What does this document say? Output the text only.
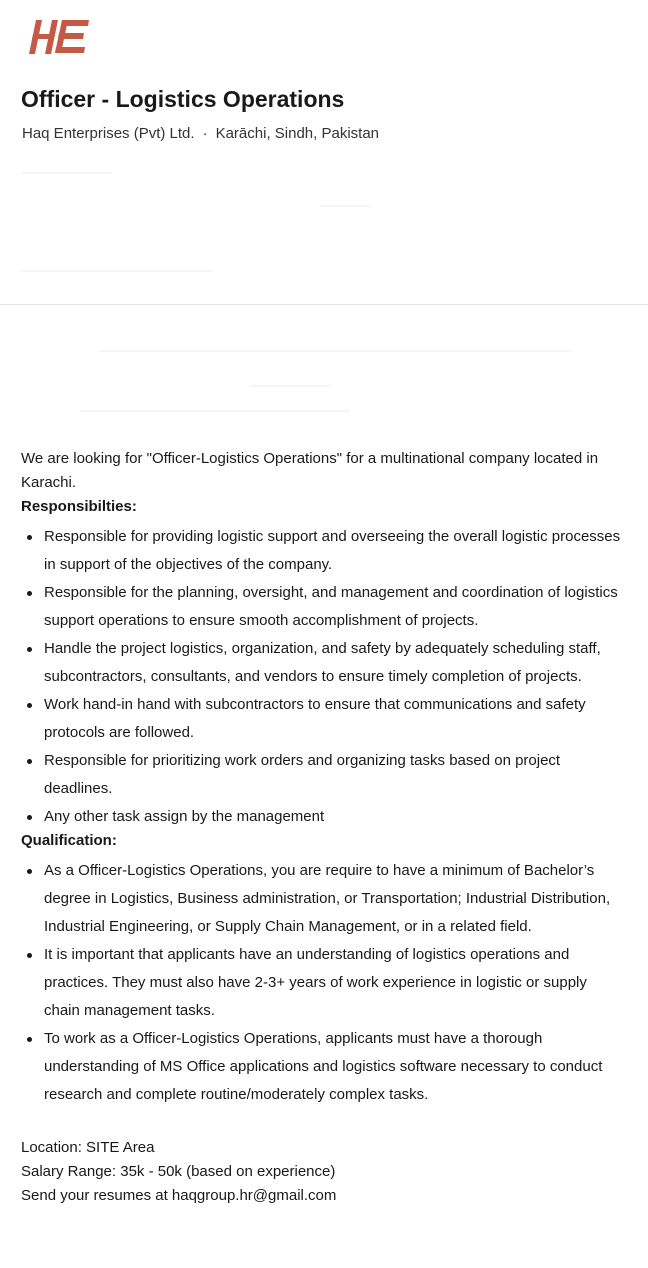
Officer - Logistics Operations
Haq Enterprises (Pvt) Ltd. · Karāchi, Sindh, Pakistan

We are looking for "Officer-Logistics Operations" for a multinational company located in Karachi.

Responsibilties:

Responsible for providing logistic support and overseeing the overall logistic processes in support of the objectives of the company.
Responsible for the planning, oversight, and management and coordination of logistics support operations to ensure smooth accomplishment of projects.
Handle the project logistics, organization, and safety by adequately scheduling staff, subcontractors, consultants, and vendors to ensure timely completion of projects.
Work hand-in hand with subcontractors to ensure that communications and safety protocols are followed.
Responsible for prioritizing work orders and organizing tasks based on project deadlines.
Any other task assign by the management

Qualification:

As a Officer-Logistics Operations, you are require to have a minimum of Bachelor’s degree in Logistics, Business administration, or Transportation; Industrial Distribution, Industrial Engineering, or Supply Chain Management, or in a related field.
It is important that applicants have an understanding of logistics operations and practices. They must also have 2-3+ years of work experience in logistic or supply chain management tasks.
To work as a Officer-Logistics Operations, applicants must have a thorough understanding of MS Office applications and logistics software necessary to conduct research and complete routine/moderately complex tasks.

Location: SITE Area

Salary Range: 35k - 50k (based on experience)

Send your resumes at haqgroup.hr@gmail.com
